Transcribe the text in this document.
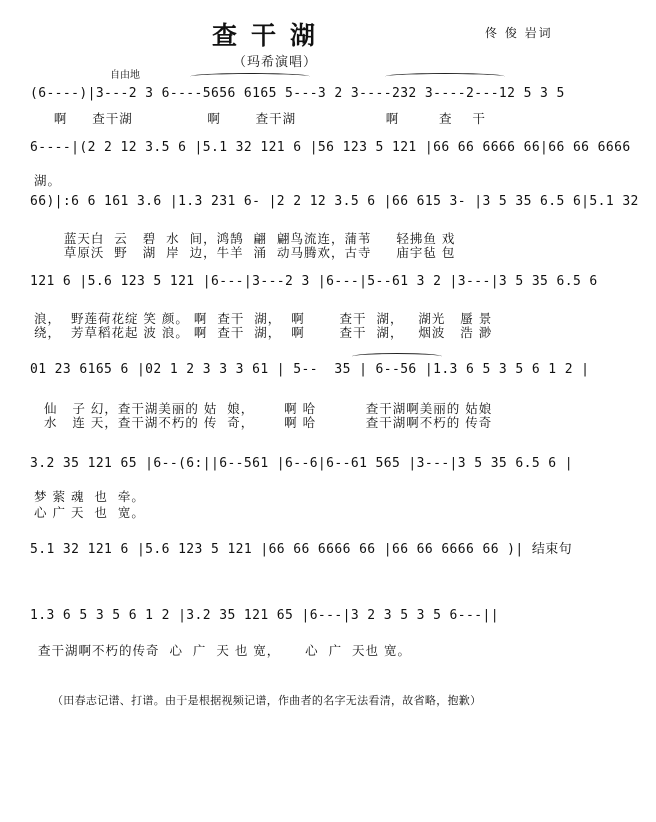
查干湖	佟 俊 岩词
（玛希演唱）
自由地
(6----)|3---2 3 6----5656 6165 5---3 2 3----232 3----2---12 5 3 5
啊     查干湖               啊       查干湖                  啊        查    干
6----|(2 2 12 3.5 6 |5.1 32 121 6 |56 123 5 121 |66 66 6666 66|66 66 6666
湖。
66)|:6 6 161 3.6 |1.3 231 6- |2 2 12 3.5 6 |66 615 3- |3 5 35 6.5 6|5.1 32
蓝天白  云   碧  水  间，鸿鹄  翩  翩鸟流连，蒲苇     轻拂鱼 戏
草原沃  野   湖  岸  边，牛羊  涌  动马腾欢，古寺     庙宇毡 包
121 6 |5.6 123 5 121 |6---|3---2 3 |6---|5--61 3 2 |3---|3 5 35 6.5 6
浪，  野莲荷花绽 笑 颜。 啊  查干  湖，  啊       查干  湖，   湖光   蜃 景
绕，  芳草稻花起 波 浪。 啊  查干  湖，  啊       查干  湖，   烟波   浩 渺
01 23 6165 6 |02 1 2 3 3 3 61 | 5--  35 | 6--56 |1.3 6 5 3 5 6 1 2 |
仙   子 幻，查干湖美丽的 姑  娘，      啊 哈          查干湖啊美丽的 姑娘
水   连 天，查干湖不朽的 传  奇，      啊 哈          查干湖啊不朽的 传奇
3.2 35 121 65 |6--(6:||6--561 |6--6|6--61 565 |3---|3 5 35 6.5 6 |
梦 萦 魂  也  牵。
心 广 天  也  宽。
5.1 32 121 6 |5.6 123 5 121 |66 66 6666 66 |66 66 6666 66 )| 结束句
1.3 6 5 3 5 6 1 2 |3.2 35 121 65 |6---|3 2 3 5 3 5 6---||
查干湖啊不朽的传奇  心  广  天 也 宽，     心  广  天也 宽。
（田春志记谱、打谱。由于是根据视频记谱，作曲者的名字无法看清，故省略，抱歉）
